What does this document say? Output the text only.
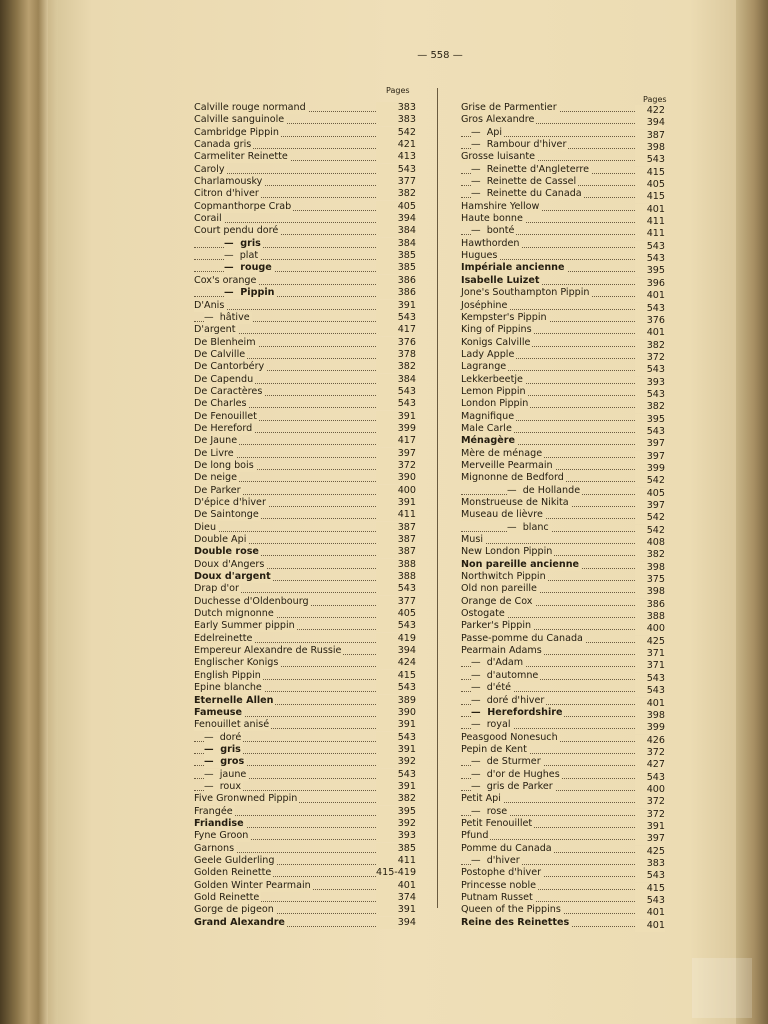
— 558 —
Pages
Pages
Calville rouge normand	383
Calville sanguinole	383
Cambridge Pippin	542
Canada gris	421
Carmeliter Reinette	413
Caroly	543
Charlamousky	377
Citron d'hiver	382
Copmanthorpe Crab	405
Corail	394
Court pendu doré	384
—  gris	384
—  plat	385
—  rouge	385
Cox's orange	386
—  Pippin	386
D'Anis	391
—  hâtive	543
D'argent	417
De Blenheim	376
De Calville	378
De Cantorbéry	382
De Capendu	384
De Caractères	543
De Charles	543
De Fenouillet	391
De Hereford	399
De Jaune	417
De Livre	397
De long bois	372
De neige	390
De Parker	400
D'épice d'hiver	391
De Saintonge	411
Dieu	387
Double Api	387
Double rose	387
Doux d'Angers	388
Doux d'argent	388
Drap d'or	543
Duchesse d'Oldenbourg	377
Dutch mignonne	405
Early Summer pippin	543
Edelreinette	419
Empereur Alexandre de Russie	394
Englischer Konigs	424
English Pippin	415
Epine blanche	543
Eternelle Allen	389
Fameuse	390
Fenouillet anisé	391
—  doré	543
—  gris	391
—  gros	392
—  jaune	543
—  roux	391
Five Gronwned Pippin	382
Frangée	395
Friandise	392
Fyne Groon	393
Garnons	385
Geele Gulderling	411
Golden Reinette	415-419
Golden Winter Pearmain	401
Gold Reinette	374
Gorge de pigeon	391
Grand Alexandre	394
Grise de Parmentier	422
Gros Alexandre	394
—  Api	387
—  Rambour d'hiver	398
Grosse luisante	543
—  Reinette d'Angleterre	415
—  Reinette de Cassel	405
—  Reinette du Canada	415
Hamshire Yellow	401
Haute bonne	411
—  bonté	411
Hawthorden	543
Hugues	543
Impériale ancienne	395
Isabelle Luizet	396
Jone's Southampton Pippin	401
Joséphine	543
Kempster's Pippin	376
King of Pippins	401
Konigs Calville	382
Lady Apple	372
Lagrange	543
Lekkerbeetje	393
Lemon Pippin	543
London Pippin	382
Magnifique	395
Male Carle	543
Ménagère	397
Mère de ménage	397
Merveille Pearmain	399
Mignonne de Bedford	542
—  de Hollande	405
Monstrueuse de Nikita	397
Museau de lièvre	542
—  blanc	542
Musi	408
New London Pippin	382
Non pareille ancienne	398
Northwitch Pippin	375
Old non pareille	398
Orange de Cox	386
Ostogate	388
Parker's Pippin	400
Passe-pomme du Canada	425
Pearmain Adams	371
—  d'Adam	371
—  d'automne	543
—  d'été	543
—  doré d'hiver	401
—  Herefordshire	398
—  royal	399
Peasgood Nonesuch	426
Pepin de Kent	372
—  de Sturmer	427
—  d'or de Hughes	543
—  gris de Parker	400
Petit Api	372
—  rose	372
Petit Fenouillet	391
Pfund	397
Pomme du Canada	425
—  d'hiver	383
Postophe d'hiver	543
Princesse noble	415
Putnam Russet	543
Queen of the Pippins	401
Reine des Reinettes	401
